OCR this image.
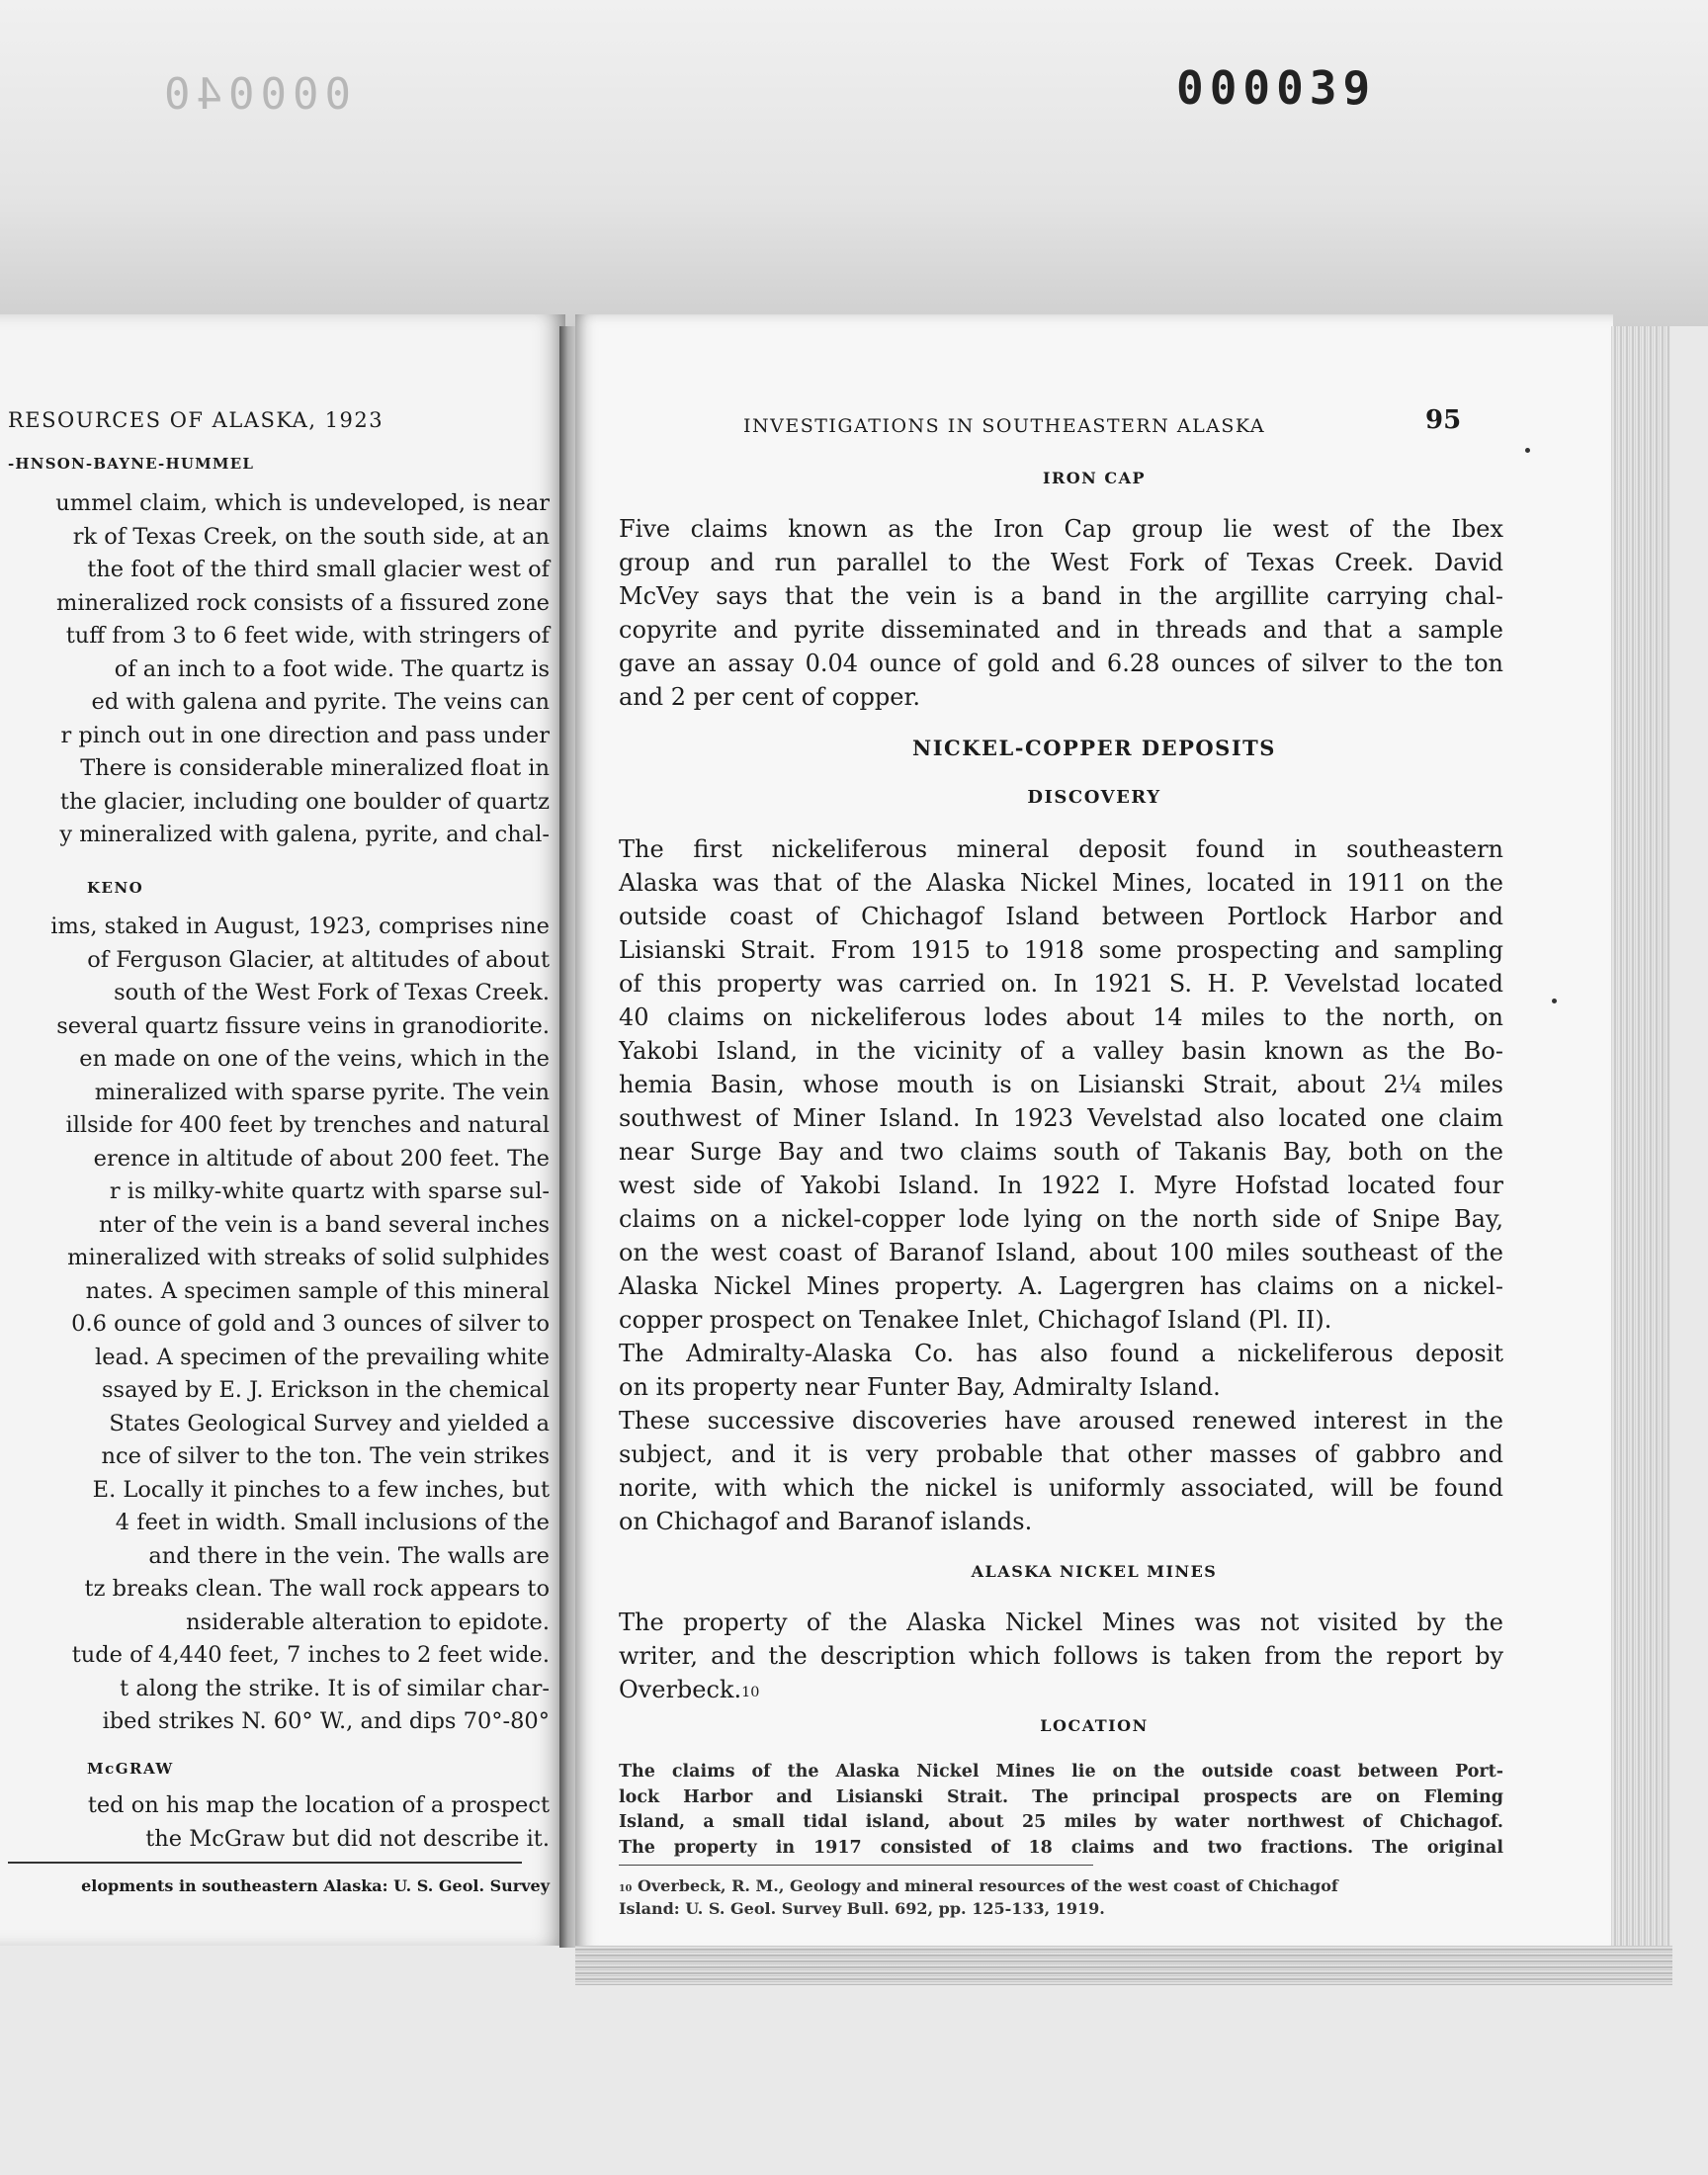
000040	000039
RESOURCES OF ALASKA, 1923
-HNSON-BAYNE-HUMMEL
ummel claim, which is undeveloped, is near
rk of Texas Creek, on the south side, at an
the foot of the third small glacier west of
mineralized rock consists of a fissured zone
tuff from 3 to 6 feet wide, with stringers of
of an inch to a foot wide. The quartz is
ed with galena and pyrite. The veins can
r pinch out in one direction and pass under
There is considerable mineralized float in
the glacier, including one boulder of quartz
y mineralized with galena, pyrite, and chal-
KENO
ims, staked in August, 1923, comprises nine
of Ferguson Glacier, at altitudes of about
south of the West Fork of Texas Creek.
several quartz fissure veins in granodiorite.
en made on one of the veins, which in the
mineralized with sparse pyrite. The vein
illside for 400 feet by trenches and natural
erence in altitude of about 200 feet. The
r is milky-white quartz with sparse sul-
nter of the vein is a band several inches
mineralized with streaks of solid sulphides
nates. A specimen sample of this mineral
0.6 ounce of gold and 3 ounces of silver to
lead. A specimen of the prevailing white
ssayed by E. J. Erickson in the chemical
States Geological Survey and yielded a
nce of silver to the ton. The vein strikes
E. Locally it pinches to a few inches, but
4 feet in width. Small inclusions of the
and there in the vein. The walls are
tz breaks clean. The wall rock appears to
nsiderable alteration to epidote.
tude of 4,440 feet, 7 inches to 2 feet wide.
t along the strike. It is of similar char-
ibed strikes N. 60° W., and dips 70°-80°
McGRAW
ted on his map the location of a prospect
the McGraw but did not describe it.
elopments in southeastern Alaska: U. S. Geol. Survey
INVESTIGATIONS IN SOUTHEASTERN ALASKA	95
IRON CAP
Five claims known as the Iron Cap group lie west of the Ibex
group and run parallel to the West Fork of Texas Creek. David
McVey says that the vein is a band in the argillite carrying chal-
copyrite and pyrite disseminated and in threads and that a sample
gave an assay 0.04 ounce of gold and 6.28 ounces of silver to the ton
and 2 per cent of copper.
NICKEL-COPPER DEPOSITS
DISCOVERY
The first nickeliferous mineral deposit found in southeastern
Alaska was that of the Alaska Nickel Mines, located in 1911 on the
outside coast of Chichagof Island between Portlock Harbor and
Lisianski Strait. From 1915 to 1918 some prospecting and sampling
of this property was carried on. In 1921 S. H. P. Vevelstad located
40 claims on nickeliferous lodes about 14 miles to the north, on
Yakobi Island, in the vicinity of a valley basin known as the Bo-
hemia Basin, whose mouth is on Lisianski Strait, about 2¼ miles
southwest of Miner Island. In 1923 Vevelstad also located one claim
near Surge Bay and two claims south of Takanis Bay, both on the
west side of Yakobi Island. In 1922 I. Myre Hofstad located four
claims on a nickel-copper lode lying on the north side of Snipe Bay,
on the west coast of Baranof Island, about 100 miles southeast of the
Alaska Nickel Mines property. A. Lagergren has claims on a nickel-
copper prospect on Tenakee Inlet, Chichagof Island (Pl. II).
The Admiralty-Alaska Co. has also found a nickeliferous deposit
on its property near Funter Bay, Admiralty Island.
These successive discoveries have aroused renewed interest in the
subject, and it is very probable that other masses of gabbro and
norite, with which the nickel is uniformly associated, will be found
on Chichagof and Baranof islands.
ALASKA NICKEL MINES
The property of the Alaska Nickel Mines was not visited by the
writer, and the description which follows is taken from the report by
Overbeck.$^{10}$
LOCATION
The claims of the Alaska Nickel Mines lie on the outside coast between Port-
lock Harbor and Lisianski Strait. The principal prospects are on Fleming
Island, a small tidal island, about 25 miles by water northwest of Chichagof.
The property in 1917 consisted of 18 claims and two fractions. The original
$^{10}$ Overbeck, R. M., Geology and mineral resources of the west coast of Chichagof
Island: U. S. Geol. Survey Bull. 692, pp. 125-133, 1919.
